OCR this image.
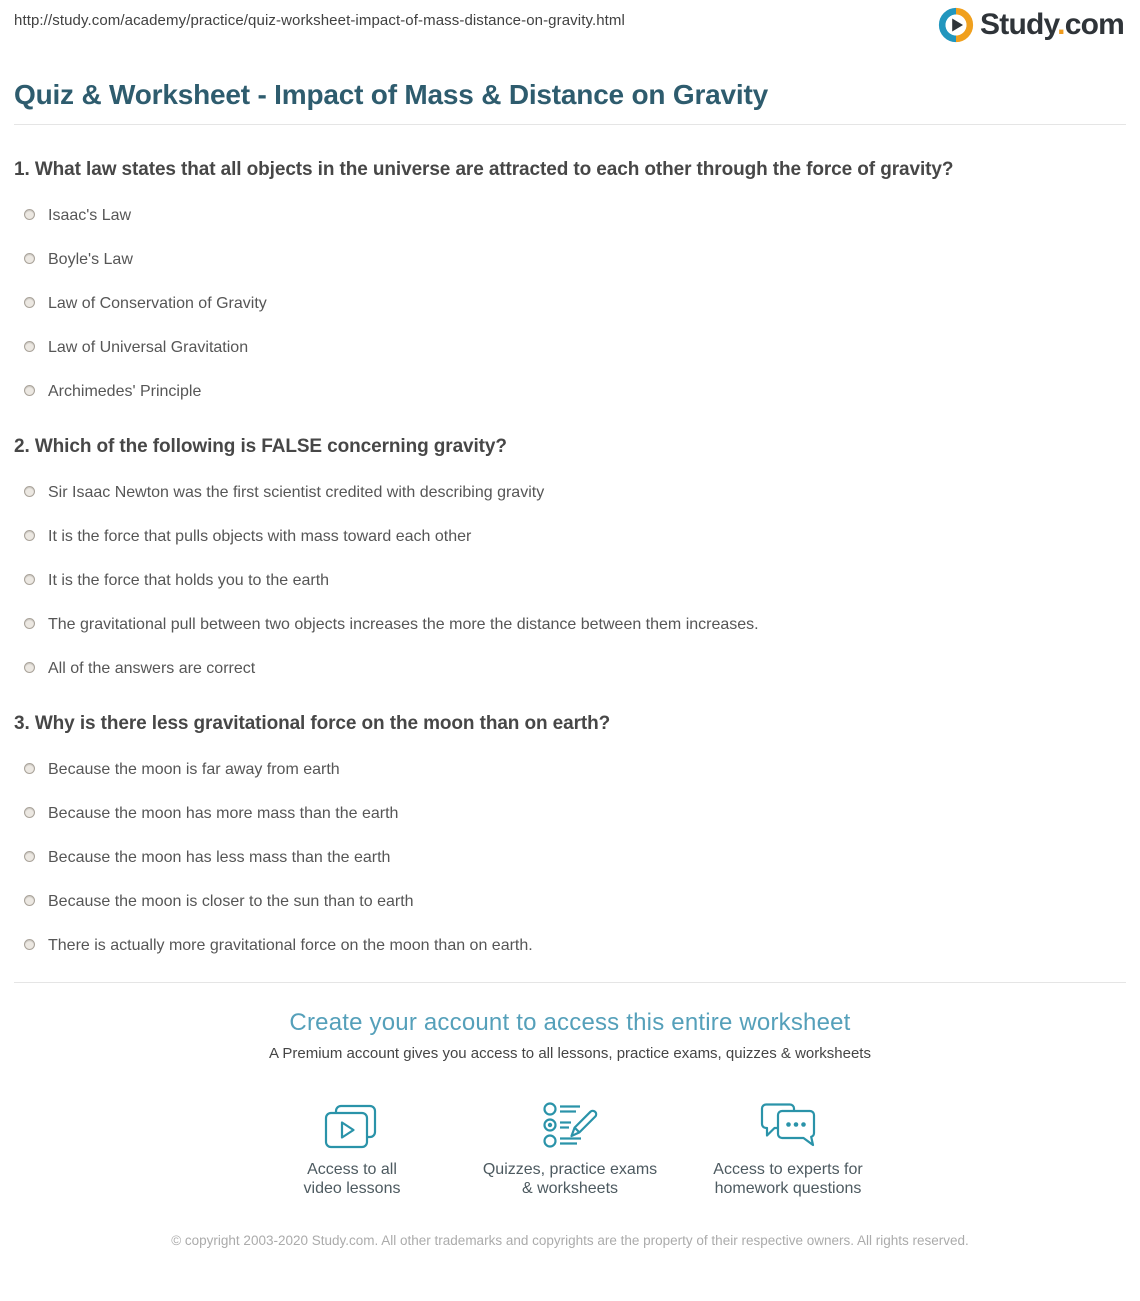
http://study.com/academy/practice/quiz-worksheet-impact-of-mass-distance-on-gravity.html	Study.com
Quiz & Worksheet - Impact of Mass & Distance on Gravity
1. What law states that all objects in the universe are attracted to each other through the force of gravity?
Isaac's Law
Boyle's Law
Law of Conservation of Gravity
Law of Universal Gravitation
Archimedes' Principle
2. Which of the following is FALSE concerning gravity?
Sir Isaac Newton was the first scientist credited with describing gravity
It is the force that pulls objects with mass toward each other
It is the force that holds you to the earth
The gravitational pull between two objects increases the more the distance between them increases.
All of the answers are correct
3. Why is there less gravitational force on the moon than on earth?
Because the moon is far away from earth
Because the moon has more mass than the earth
Because the moon has less mass than the earth
Because the moon is closer to the sun than to earth
There is actually more gravitational force on the moon than on earth.
Create your account to access this entire worksheet
A Premium account gives you access to all lessons, practice exams, quizzes & worksheets
Access to all
video lessons
Quizzes, practice exams
& worksheets
Access to experts for
homework questions
© copyright 2003-2020 Study.com. All other trademarks and copyrights are the property of their respective owners. All rights reserved.
